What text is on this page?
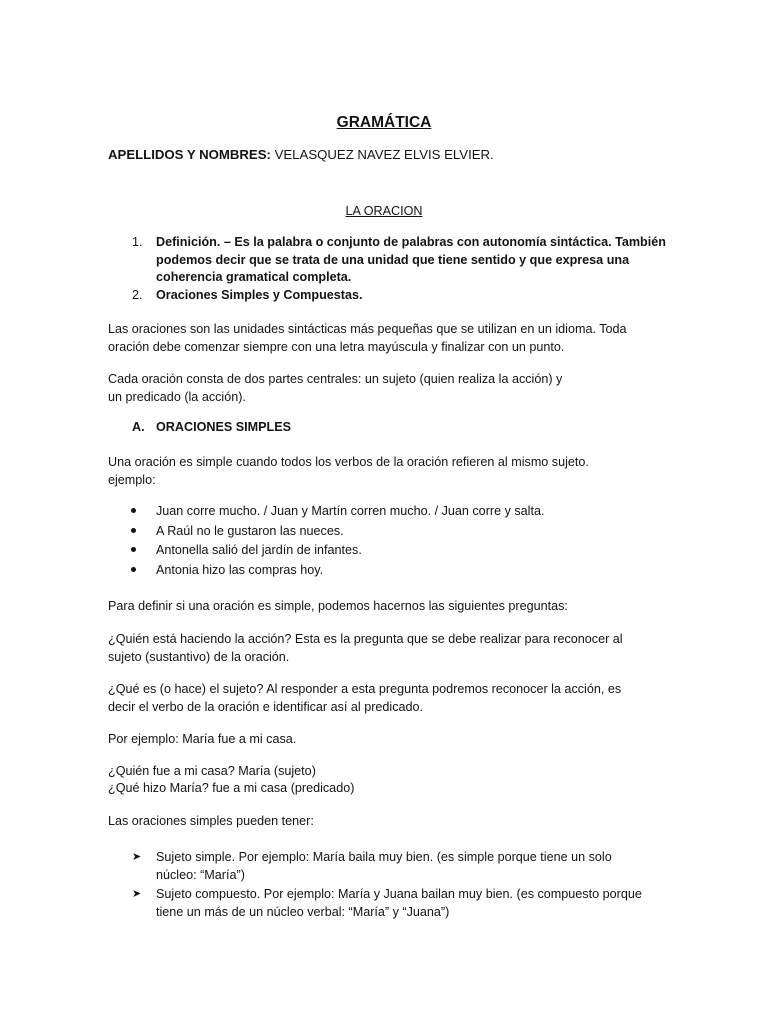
GRAMÁTICA

APELLIDOS Y NOMBRES: VELASQUEZ NAVEZ ELVIS ELVIER.

LA ORACION
1. Definición. – Es la palabra o conjunto de palabras con autonomía sintáctica. También

podemos decir que se trata de una unidad que tiene sentido y que expresa una

coherencia gramatical completa.

2. Oraciones Simples y Compuestas.

Las oraciones son las unidades sintácticas más pequeñas que se utilizan en un idioma. Toda

oración debe comenzar siempre con una letra mayúscula y finalizar con un punto.

Cada oración consta de dos partes centrales: un sujeto (quien realiza la acción) y

un predicado (la acción).

A. ORACIONES SIMPLES

Una oración es simple cuando todos los verbos de la oración refieren al mismo sujeto.

ejemplo:

Juan corre mucho. / Juan y Martín corren mucho. / Juan corre y salta.

A Raúl no le gustaron las nueces.

Antonella salió del jardín de infantes.

Antonia hizo las compras hoy.

Para definir si una oración es simple, podemos hacernos las siguientes preguntas:

¿Quién está haciendo la acción? Esta es la pregunta que se debe realizar para reconocer al

sujeto (sustantivo) de la oración.

¿Qué es (o hace) el sujeto? Al responder a esta pregunta podremos reconocer la acción, es

decir el verbo de la oración e identificar así al predicado.

Por ejemplo: María fue a mi casa.

¿Quién fue a mi casa? María (sujeto)

¿Qué hizo María? fue a mi casa (predicado)

Las oraciones simples pueden tener:

➤ Sujeto simple. Por ejemplo: María baila muy bien. (es simple porque tiene un solo

núcleo: “María”)

➤ Sujeto compuesto. Por ejemplo: María y Juana bailan muy bien. (es compuesto porque

tiene un más de un núcleo verbal: “María” y “Juana”)
